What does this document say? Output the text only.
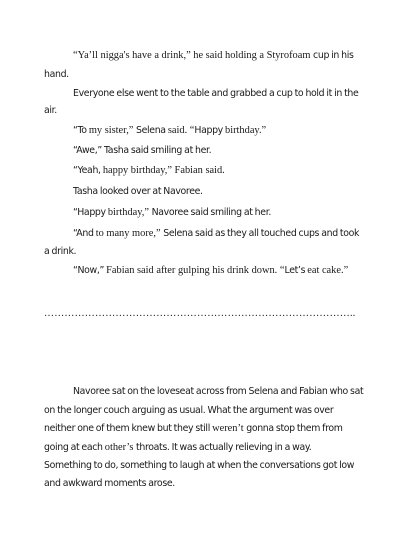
“Ya’ll nigga's have a drink,” he said holding a Styrofoam cup in his
hand.
Everyone else went to the table and grabbed a cup to hold it in the
air.
“To my sister,” Selena said. “Happy birthday.”
“Awe,” Tasha said smiling at her.
“Yeah, happy birthday,” Fabian said.
Tasha looked over at Navoree.
“Happy birthday,” Navoree said smiling at her.
“And to many more,” Selena said as they all touched cups and took
a drink.
“Now,” Fabian said after gulping his drink down. “Let’s eat cake.”
………………………………………………………………………………..
Navoree sat on the loveseat across from Selena and Fabian who sat
on the longer couch arguing as usual. What the argument was over
neither one of them knew but they still weren’t gonna stop them from
going at each other’s throats. It was actually relieving in a way.
Something to do, something to laugh at when the conversations got low
and awkward moments arose.
